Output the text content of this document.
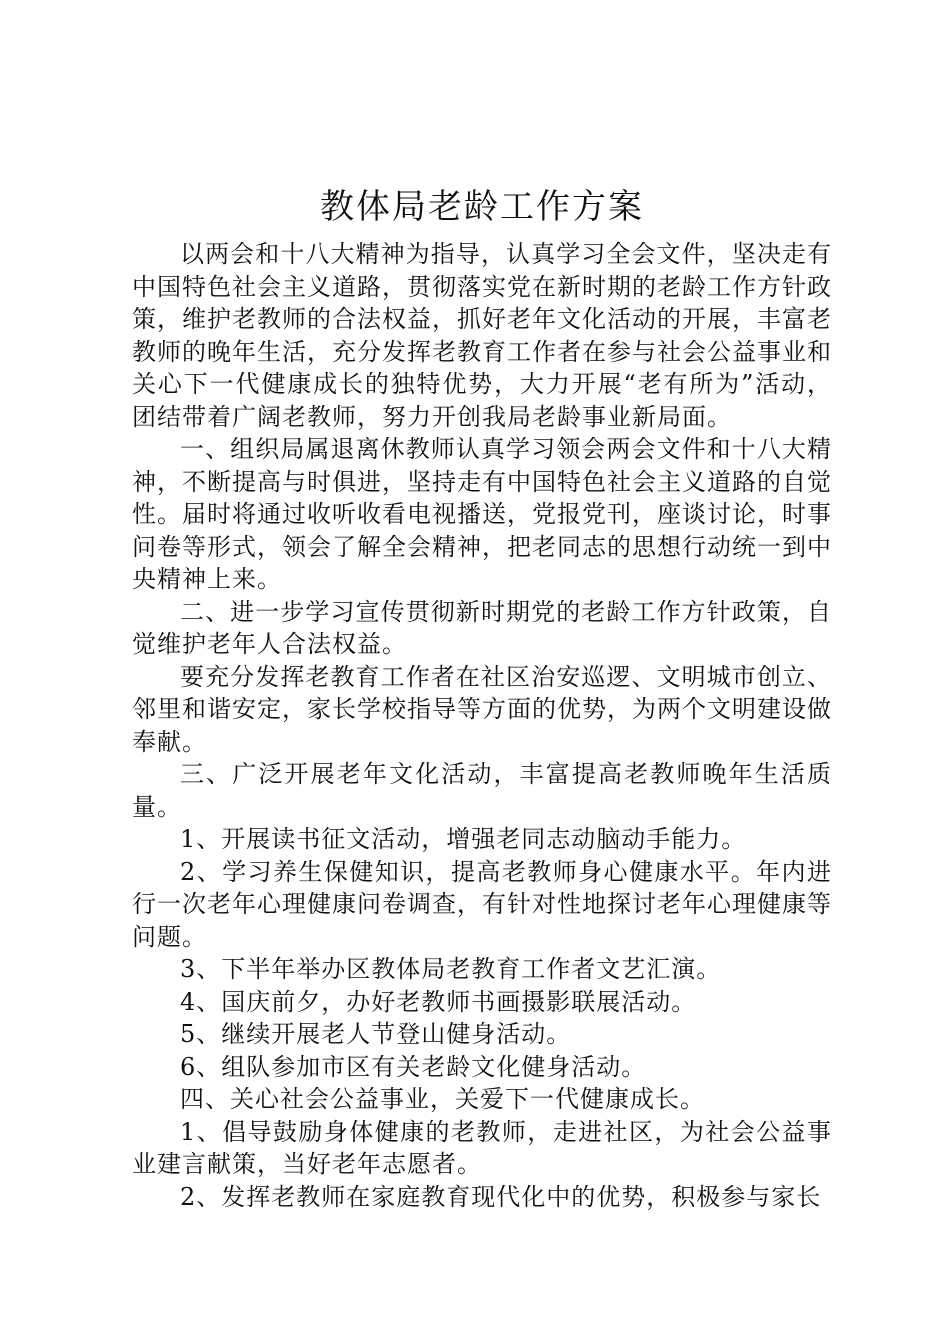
教体局老龄工作方案

以两会和十八大精神为指导，认真学习全会文件，坚决走有中国特色社会主义道路，贯彻落实党在新时期的老龄工作方针政策，维护老教师的合法权益，抓好老年文化活动的开展，丰富老教师的晚年生活，充分发挥老教育工作者在参与社会公益事业和关心下一代健康成长的独特优势，大力开展“老有所为”活动，团结带着广阔老教师，努力开创我局老龄事业新局面。

一、组织局属退离休教师认真学习领会两会文件和十八大精神，不断提高与时俱进，坚持走有中国特色社会主义道路的自觉性。届时将通过收听收看电视播送，党报党刊，座谈讨论，时事问卷等形式，领会了解全会精神，把老同志的思想行动统一到中央精神上来。

二、进一步学习宣传贯彻新时期党的老龄工作方针政策，自觉维护老年人合法权益。

要充分发挥老教育工作者在社区治安巡逻、文明城市创立、邻里和谐安定，家长学校指导等方面的优势，为两个文明建设做奉献。

三、广泛开展老年文化活动，丰富提高老教师晚年生活质量。

1、开展读书征文活动，增强老同志动脑动手能力。

2、学习养生保健知识，提高老教师身心健康水平。年内进行一次老年心理健康问卷调查，有针对性地探讨老年心理健康等问题。

3、下半年举办区教体局老教育工作者文艺汇演。

4、国庆前夕，办好老教师书画摄影联展活动。

5、继续开展老人节登山健身活动。

6、组队参加市区有关老龄文化健身活动。

四、关心社会公益事业，关爱下一代健康成长。

1、倡导鼓励身体健康的老教师，走进社区，为社会公益事业建言献策，当好老年志愿者。

2、发挥老教师在家庭教育现代化中的优势，积极参与家长
